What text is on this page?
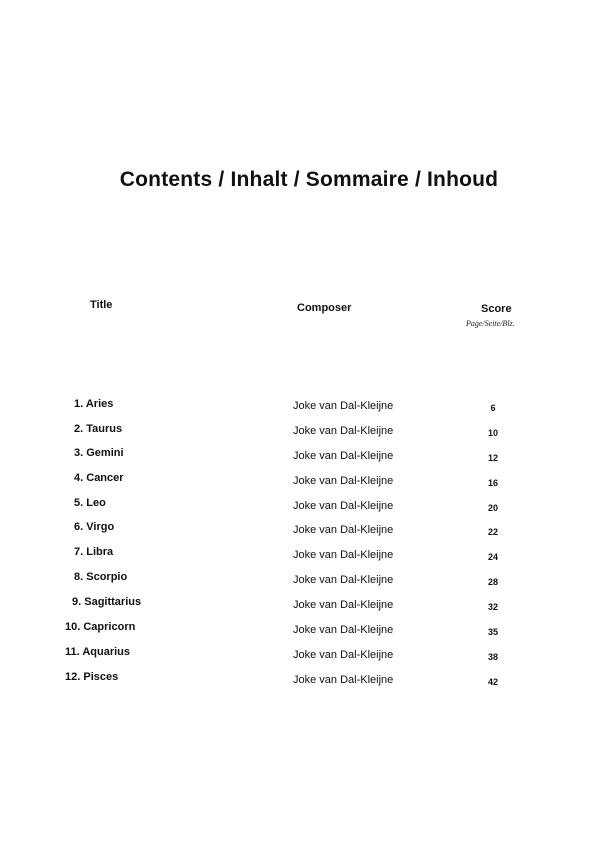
Contents / Inhalt / Sommaire / Inhoud
Title	Composer	Score
Page/Seite/Blz.
1. Aries	Joke van Dal-Kleijne	6
2. Taurus	Joke van Dal-Kleijne	10
3. Gemini	Joke van Dal-Kleijne	12
4. Cancer	Joke van Dal-Kleijne	16
5. Leo	Joke van Dal-Kleijne	20
6. Virgo	Joke van Dal-Kleijne	22
7. Libra	Joke van Dal-Kleijne	24
8. Scorpio	Joke van Dal-Kleijne	28
9. Sagittarius	Joke van Dal-Kleijne	32
10. Capricorn	Joke van Dal-Kleijne	35
11. Aquarius	Joke van Dal-Kleijne	38
12. Pisces	Joke van Dal-Kleijne	42
